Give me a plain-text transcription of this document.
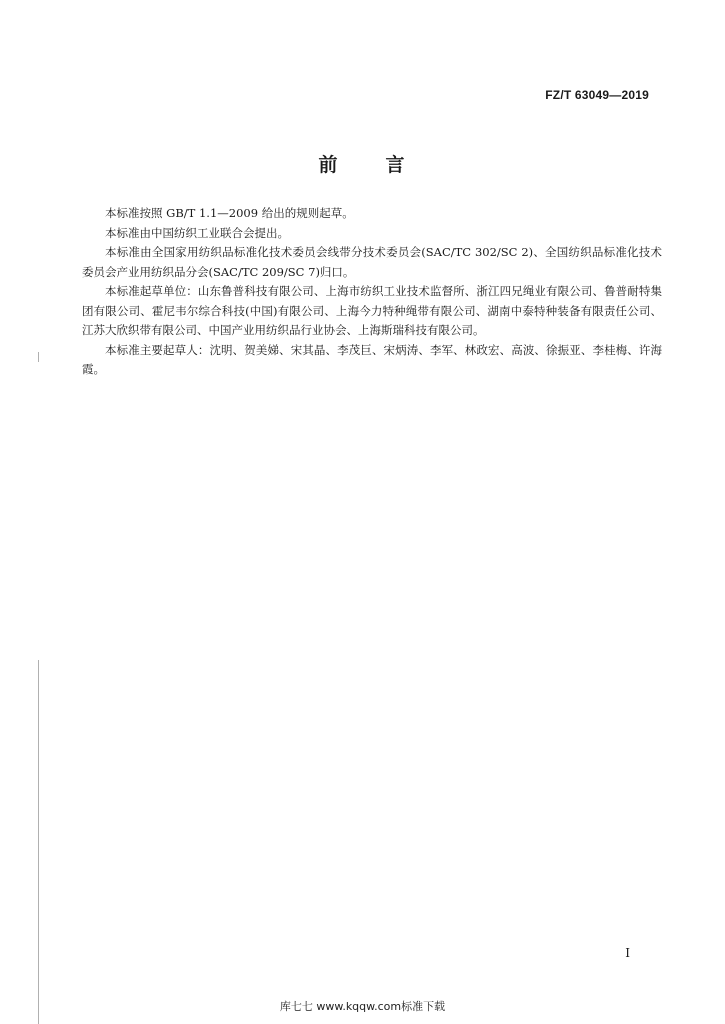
FZ/T 63049—2019
前 言

本标准按照 GB/T 1.1—2009 给出的规则起草。

本标准由中国纺织工业联合会提出。

本标准由全国家用纺织品标准化技术委员会线带分技术委员会(SAC/TC 302/SC 2)、全国纺织品标准化技术委员会产业用纺织品分会(SAC/TC 209/SC 7)归口。

本标准起草单位：山东鲁普科技有限公司、上海市纺织工业技术监督所、浙江四兄绳业有限公司、鲁普耐特集团有限公司、霍尼韦尔综合科技(中国)有限公司、上海今力特种绳带有限公司、湖南中泰特种装备有限责任公司、江苏大欣织带有限公司、中国产业用纺织品行业协会、上海斯瑞科技有限公司。

本标准主要起草人：沈明、贺美娣、宋其晶、李茂巨、宋炳涛、李军、林政宏、高波、徐振亚、李桂梅、许海霞。

I
库七七 www.kqqw.com标准下载
